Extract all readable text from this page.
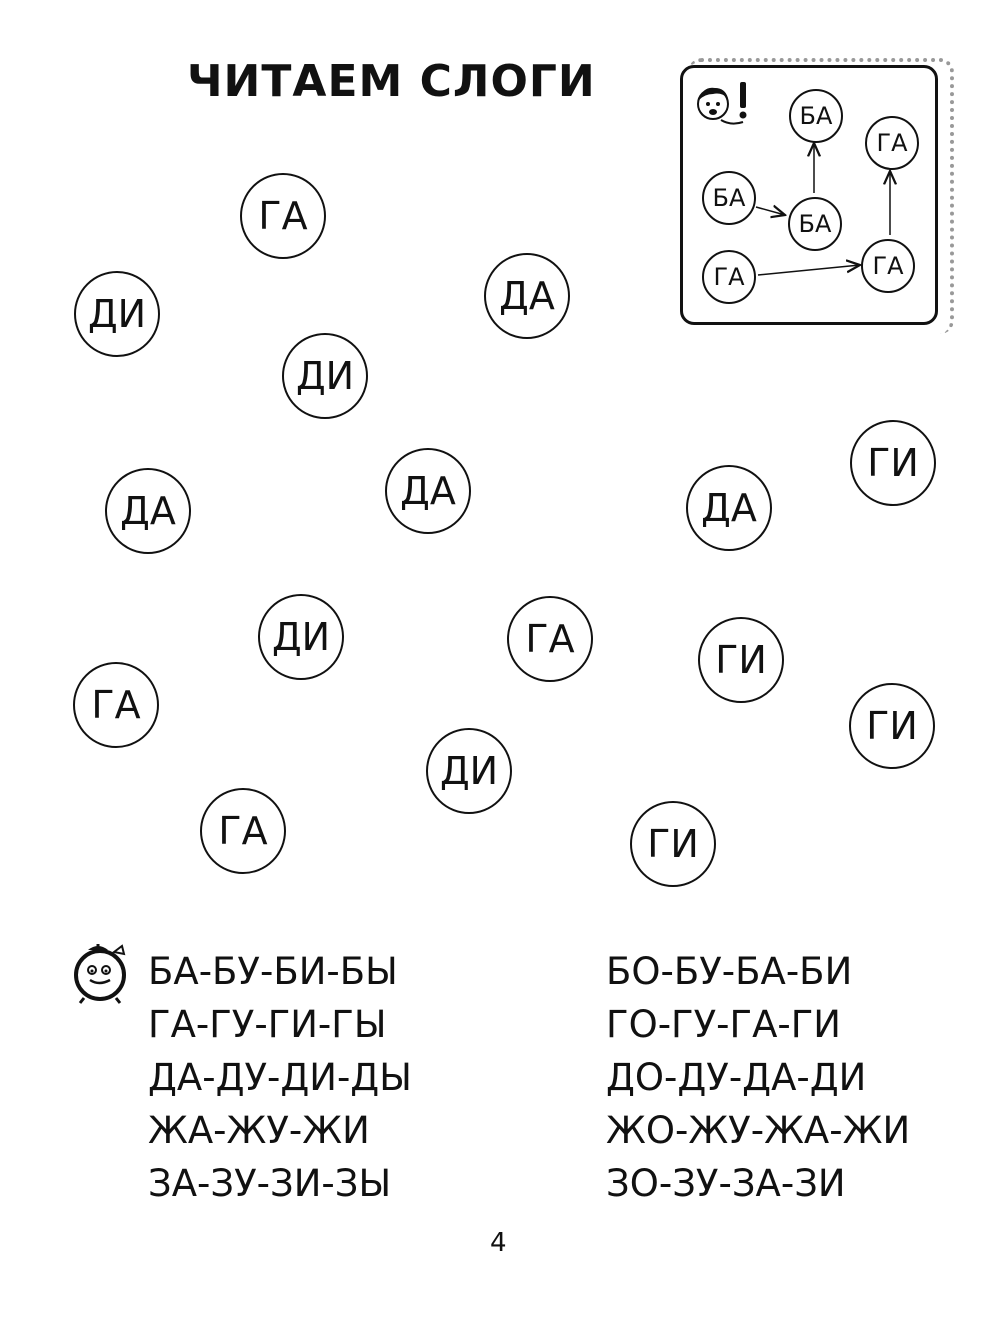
ЧИТАЕМ СЛОГИ
ГА
ДИ	ДА
ДИ
ГИ
ДА	ДА	ДА
ДИ	ГА	ГИ
ГА	ГИ
ДИ
ГА	ГИ
БА
ГА
БА
БА
ГА	ГА
БА-БУ-БИ-БЫ
ГА-ГУ-ГИ-ГЫ
ДА-ДУ-ДИ-ДЫ
ЖА-ЖУ-ЖИ
ЗА-ЗУ-ЗИ-ЗЫ
БО-БУ-БА-БИ
ГО-ГУ-ГА-ГИ
ДО-ДУ-ДА-ДИ
ЖО-ЖУ-ЖА-ЖИ
ЗО-ЗУ-ЗА-ЗИ
4
